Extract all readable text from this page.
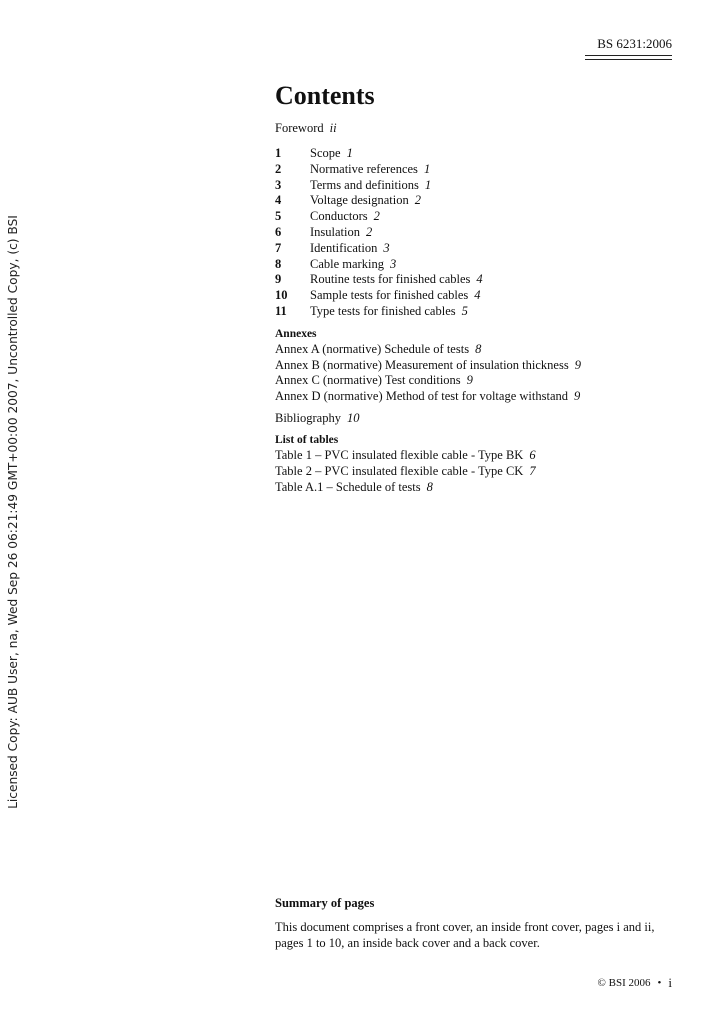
BS 6231:2006
Licensed Copy: AUB User, na, Wed Sep 26 06:21:49 GMT+00:00 2007, Uncontrolled Copy, (c) BSI
Contents
Foreword ii
1	Scope 1
2	Normative references 1
3	Terms and definitions 1
4	Voltage designation 2
5	Conductors 2
6	Insulation 2
7	Identification 3
8	Cable marking 3
9	Routine tests for finished cables 4
10	Sample tests for finished cables 4
11	Type tests for finished cables 5
Annexes
Annex A (normative) Schedule of tests 8
Annex B (normative) Measurement of insulation thickness 9
Annex C (normative) Test conditions 9
Annex D (normative) Method of test for voltage withstand 9
Bibliography 10
List of tables
Table 1 – PVC insulated flexible cable - Type BK 6
Table 2 – PVC insulated flexible cable - Type CK 7
Table A.1 – Schedule of tests 8
Summary of pages
This document comprises a front cover, an inside front cover, pages i and ii, pages 1 to 10, an inside back cover and a back cover.
© BSI 2006 • i
